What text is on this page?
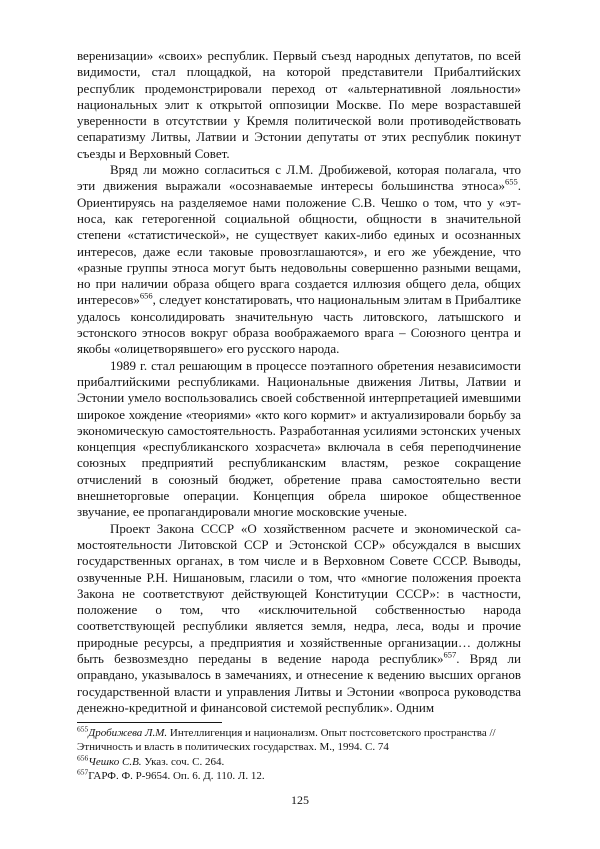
веренизации» «своих» республик. Первый съезд народных депутатов, по всей видимости, стал площадкой, на которой представители Прибалтийских республик продемонстрировали переход от «альтернативной лояльности» национальных элит к открытой оппозиции Москве. По мере возраставшей уверенности в отсутствии у Кремля политической воли противодействовать сепаратизму Литвы, Латвии и Эстонии депутаты от этих республик покинут съезды и Верховный Совет.

Вряд ли можно согласиться с Л.М. Дробижевой, которая полагала, что эти движения выражали «осознаваемые интересы большинства этноса»$^{655}$. Ориентируясь на разделяемое нами положение С.В. Чешко о том, что у «этноса, как гетерогенной социальной общности, общности в значительной степени «статистической», не существует каких-либо единых и осознанных интересов, даже если таковые провозглашаются», и его же убеждение, что «разные группы этноса могут быть недовольны совершенно разными вещами, но при наличии образа общего врага создается иллюзия общего дела, общих интересов»$^{656}$, следует констатировать, что национальным элитам в Прибалтике удалось консолидировать значительную часть литовского, латышского и эстонского этносов вокруг образа воображаемого врага – Союзного центра и якобы «олицетворявшего» его русского народа.

1989 г. стал решающим в процессе поэтапного обретения независимости прибалтийскими республиками. Национальные движения Литвы, Латвии и Эстонии умело воспользовались своей собственной интерпретацией имевшими широкое хождение «теориями» «кто кого кормит» и актуализировали борьбу за экономическую самостоятельность. Разработанная усилиями эстонских ученых концепция «республиканского хозрасчета» включала в себя переподчинение союзных предприятий республиканским властям, резкое сокращение отчислений в союзный бюджет, обретение права самостоятельно вести внешнеторговые операции. Концепция обрела широкое общественное звучание, ее пропагандировали многие московские ученые.

Проект Закона СССР «О хозяйственном расчете и экономической самостоятельности Литовской ССР и Эстонской ССР» обсуждался в высших государственных органах, в том числе и в Верховном Совете СССР. Выводы, озвученные Р.Н. Нишановым, гласили о том, что «многие положения проекта Закона не соответствуют действующей Конституции СССР»: в частности, положение о том, что «исключительной собственностью народа соответствующей республики является земля, недра, леса, воды и прочие природные ресурсы, а предприятия и хозяйственные организации… должны быть безвозмездно переданы в ведение народа республик»$^{657}$. Вряд ли оправдано, указывалось в замечаниях, и отнесение к ведению высших органов государственной власти и управления Литвы и Эстонии «вопроса руководства денежно-кредитной и финансовой системой республик». Одним

$^{655}$Дробижева Л.М. Интеллигенция и национализм. Опыт постсоветского пространства // Этничность и власть в политических государствах. М., 1994. С. 74

$^{656}$Чешко С.В. Указ. соч. С. 264.

$^{657}$ГАРФ. Ф. Р-9654. Оп. 6. Д. 110. Л. 12.

125
